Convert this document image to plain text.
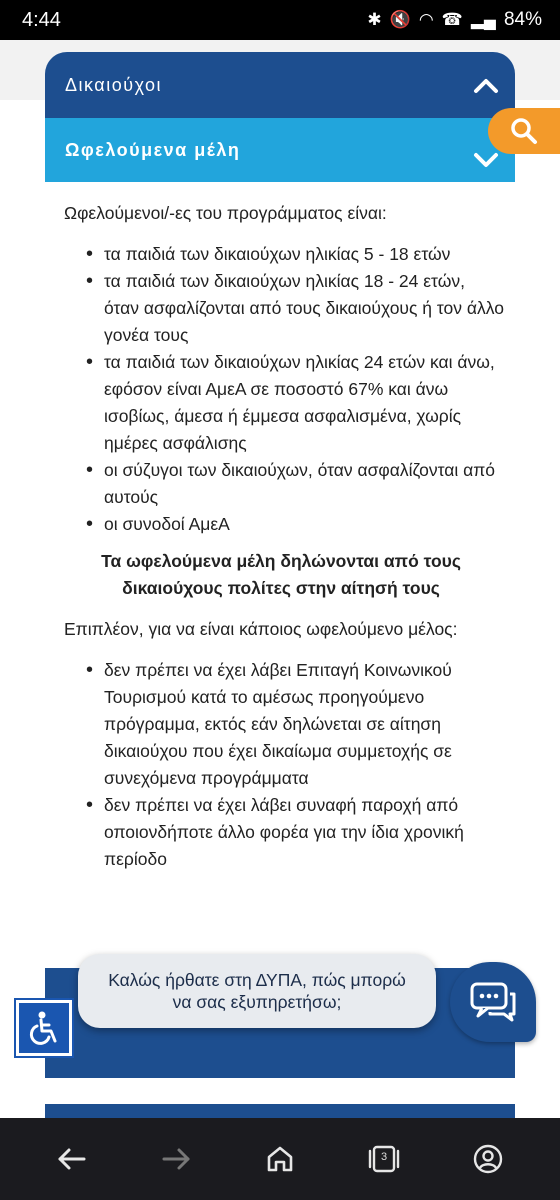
4:44	✱ 🔇 ◠ ☎ ▂▄ 84%
Δικαιούχοι
Ωφελούμενα μέλη

Ωφελούμενοι/-ες του προγράμματος είναι:

• τα παιδιά των δικαιούχων ηλικίας 5 - 18 ετών
• τα παιδιά των δικαιούχων ηλικίας 18 - 24 ετών, όταν ασφαλίζονται από τους δικαιούχους ή τον άλλο γονέα τους
• τα παιδιά των δικαιούχων ηλικίας 24 ετών και άνω, εφόσον είναι ΑμεΑ σε ποσοστό 67% και άνω ισοβίως, άμεσα ή έμμεσα ασφαλισμένα, χωρίς ημέρες ασφάλισης
• οι σύζυγοι των δικαιούχων, όταν ασφαλίζονται από αυτούς
• οι συνοδοί ΑμεΑ

Τα ωφελούμενα μέλη δηλώνονται από τους δικαιούχους πολίτες στην αίτησή τους

Επιπλέον, για να είναι κάποιος ωφελούμενο μέλος:

• δεν πρέπει να έχει λάβει Επιταγή Κοινωνικού Τουρισμού κατά το αμέσως προηγούμενο πρόγραμμα, εκτός εάν δηλώνεται σε αίτηση δικαιούχου που έχει δικαίωμα συμμετοχής σε συνεχόμενα προγράμματα
• δεν πρέπει να έχει λάβει συναφή παροχή από οποιονδήποτε άλλο φορέα για την ίδια χρονική περίοδο
Καλώς ήρθατε στη ΔΥΠΑ, πώς μπορώ να σας εξυπηρετήσω;
3
